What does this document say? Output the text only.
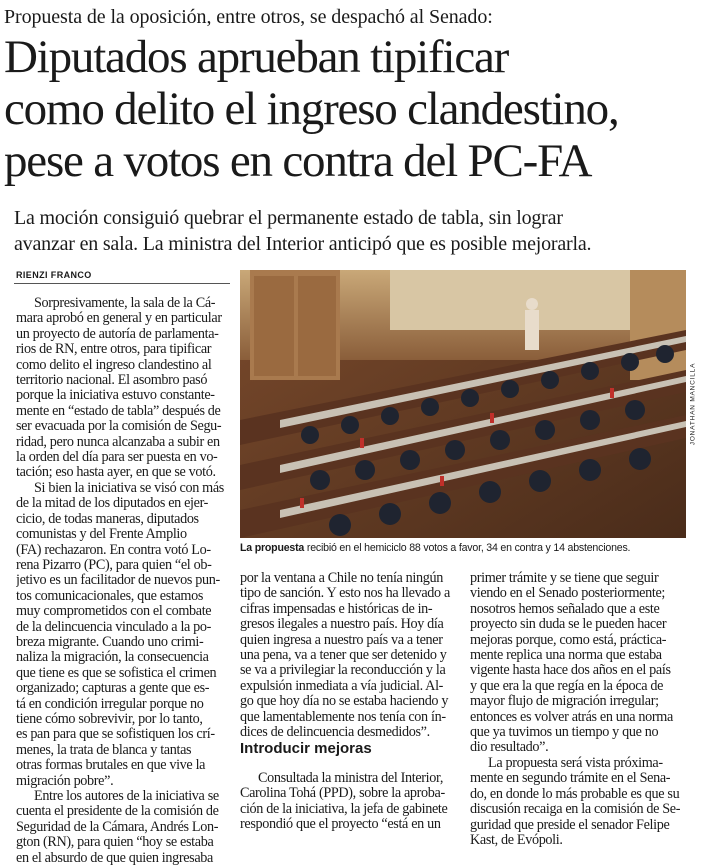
Propuesta de la oposición, entre otros, se despachó al Senado:
Diputados aprueban tipificar
como delito el ingreso clandestino,
pese a votos en contra del PC-FA
La moción consiguió quebrar el permanente estado de tabla, sin lograr
avanzar en sala. La ministra del Interior anticipó que es posible mejorarla.
RIENZI FRANCO
Sorpresivamente, la sala de la Cá-
mara aprobó en general y en particular
un proyecto de autoría de parlamenta-
rios de RN, entre otros, para tipificar
como delito el ingreso clandestino al
territorio nacional. El asombro pasó
porque la iniciativa estuvo constante-
mente en “estado de tabla” después de
ser evacuada por la comisión de Segu-
ridad, pero nunca alcanzaba a subir en
la orden del día para ser puesta en vo-
tación; eso hasta ayer, en que se votó.
Si bien la iniciativa se visó con más
de la mitad de los diputados en ejer-
cicio, de todas maneras, diputados
comunistas y del Frente Amplio
(FA) rechazaron. En contra votó Lo-
rena Pizarro (PC), para quien “el ob-
jetivo es un facilitador de nuevos pun-
tos comunicacionales, que estamos
muy comprometidos con el combate
de la delincuencia vinculado a la po-
breza migrante. Cuando uno crimi-
naliza la migración, la consecuencia
que tiene es que se sofistica el crimen
organizado; capturas a gente que es-
tá en condición irregular porque no
tiene cómo sobrevivir, por lo tanto,
es pan para que se sofistiquen los crí-
menes, la trata de blanca y tantas
otras formas brutales en que vive la
migración pobre”.
Entre los autores de la iniciativa se
cuenta el presidente de la comisión de
Seguridad de la Cámara, Andrés Lon-
gton (RN), para quien “hoy se estaba
en el absurdo de que quien ingresaba
JONATHAN MANCILLA
La propuesta recibió en el hemiciclo 88 votos a favor, 34 en contra y 14 abstenciones.
por la ventana a Chile no tenía ningún
tipo de sanción. Y esto nos ha llevado a
cifras impensadas e históricas de in-
gresos ilegales a nuestro país. Hoy día
quien ingresa a nuestro país va a tener
una pena, va a tener que ser detenido y
se va a privilegiar la reconducción y la
expulsión inmediata a vía judicial. Al-
go que hoy día no se estaba haciendo y
que lamentablemente nos tenía con ín-
dices de delincuencia desmedidos”.
Introducir mejoras
Consultada la ministra del Interior,
Carolina Tohá (PPD), sobre la aproba-
ción de la iniciativa, la jefa de gabinete
respondió que el proyecto “está en un
primer trámite y se tiene que seguir
viendo en el Senado posteriormente;
nosotros hemos señalado que a este
proyecto sin duda se le pueden hacer
mejoras porque, como está, práctica-
mente replica una norma que estaba
vigente hasta hace dos años en el país
y que era la que regía en la época de
mayor flujo de migración irregular;
entonces es volver atrás en una norma
que ya tuvimos un tiempo y que no
dio resultado”.
La propuesta será vista próxima-
mente en segundo trámite en el Sena-
do, en donde lo más probable es que su
discusión recaiga en la comisión de Se-
guridad que preside el senador Felipe
Kast, de Evópoli.
